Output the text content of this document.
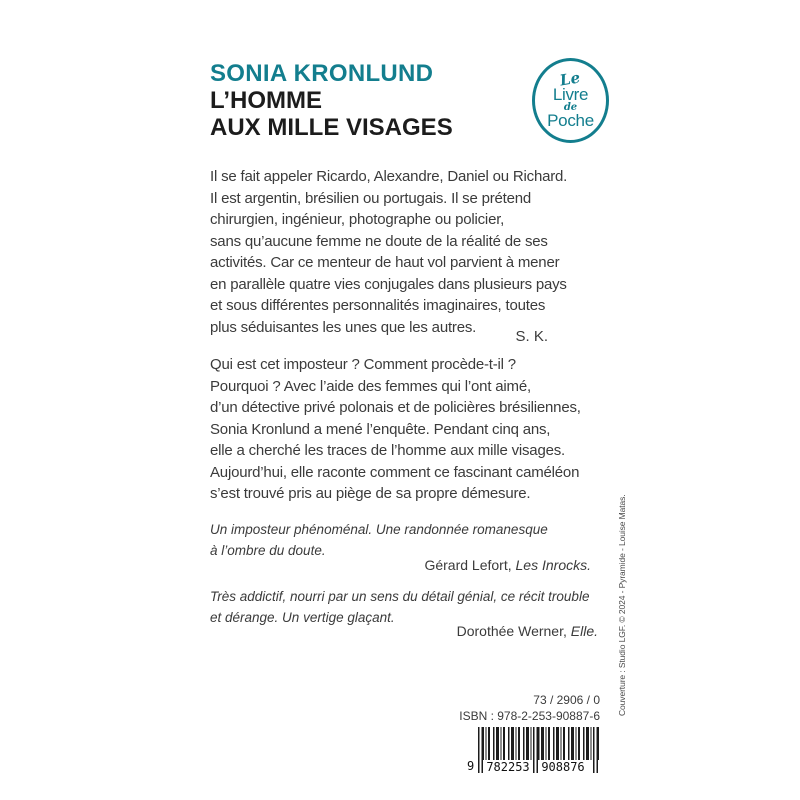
SONIA KRONLUND
L’HOMME
AUX MILLE VISAGES
Le
Livre
de
Poche
Il se fait appeler Ricardo, Alexandre, Daniel ou Richard.
Il est argentin, brésilien ou portugais. Il se prétend
chirurgien, ingénieur, photographe ou policier,
sans qu’aucune femme ne doute de la réalité de ses
activités. Car ce menteur de haut vol parvient à mener
en parallèle quatre vies conjugales dans plusieurs pays
et sous différentes personnalités imaginaires, toutes
plus séduisantes les unes que les autres.
S. K.
Qui est cet imposteur ? Comment procède-t-il ?
Pourquoi ? Avec l’aide des femmes qui l’ont aimé,
d’un détective privé polonais et de policières brésiliennes,
Sonia Kronlund a mené l’enquête. Pendant cinq ans,
elle a cherché les traces de l’homme aux mille visages.
Aujourd’hui, elle raconte comment ce fascinant caméléon
s’est trouvé pris au piège de sa propre démesure.
Un imposteur phénoménal. Une randonnée romanesque
à l’ombre du doute.
Gérard Lefort, Les Inrocks.
Très addictif, nourri par un sens du détail génial, ce récit trouble
et dérange. Un vertige glaçant.
Dorothée Werner, Elle.
73 / 2906 / 0
ISBN : 978-2-253-90887-6
9 782253 908876
Couverture : Studio LGF. © 2024 - Pyramide - Louise Matas.
